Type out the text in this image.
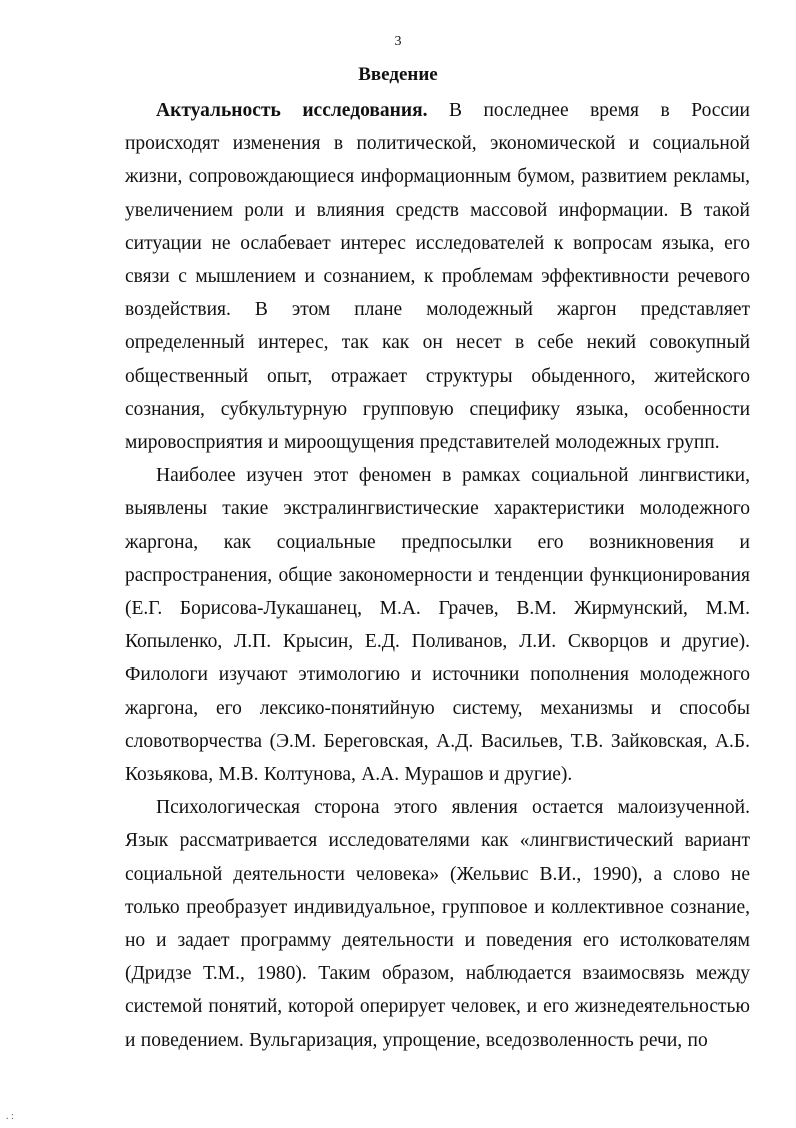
3
Введение

Актуальность исследования. В последнее время в России происходят изменения в политической, экономической и социальной жизни, сопровождающиеся информационным бумом, развитием рекламы, увеличением роли и влияния средств массовой информации. В такой ситуации не ослабевает интерес исследователей к вопросам языка, его связи с мышлением и сознанием, к проблемам эффективности речевого воздействия. В этом плане молодежный жаргон представляет определенный интерес, так как он несет в себе некий совокупный общественный опыт, отражает структуры обыденного, житейского сознания, субкультурную групповую специфику языка, особенности мировосприятия и мироощущения представителей молодежных групп.

Наиболее изучен этот феномен в рамках социальной лингвистики, выявлены такие экстралингвистические характеристики молодежного жаргона, как социальные предпосылки его возникновения и распространения, общие закономерности и тенденции функционирования (Е.Г. Борисова-Лукашанец, М.А. Грачев, В.М. Жирмунский, М.М. Копыленко, Л.П. Крысин, Е.Д. Поливанов, Л.И. Скворцов и другие). Филологи изучают этимологию и источники пополнения молодежного жаргона, его лексико-понятийную систему, механизмы и способы словотворчества (Э.М. Береговская, А.Д. Васильев, Т.В. Зайковская, А.Б. Козьякова, М.В. Колтунова, А.А. Мурашов и другие).

Психологическая сторона этого явления остается малоизученной. Язык рассматривается исследователями как «лингвистический вариант социальной деятельности человека» (Жельвис В.И., 1990), а слово не только преобразует индивидуальное, групповое и коллективное сознание, но и задает программу деятельности и поведения его истолкователям (Дридзе Т.М., 1980). Таким образом, наблюдается взаимосвязь между системой понятий, которой оперирует человек, и его жизнедеятельностью и поведением. Вульгаризация, упрощение, вседозволенность речи, по

. :
